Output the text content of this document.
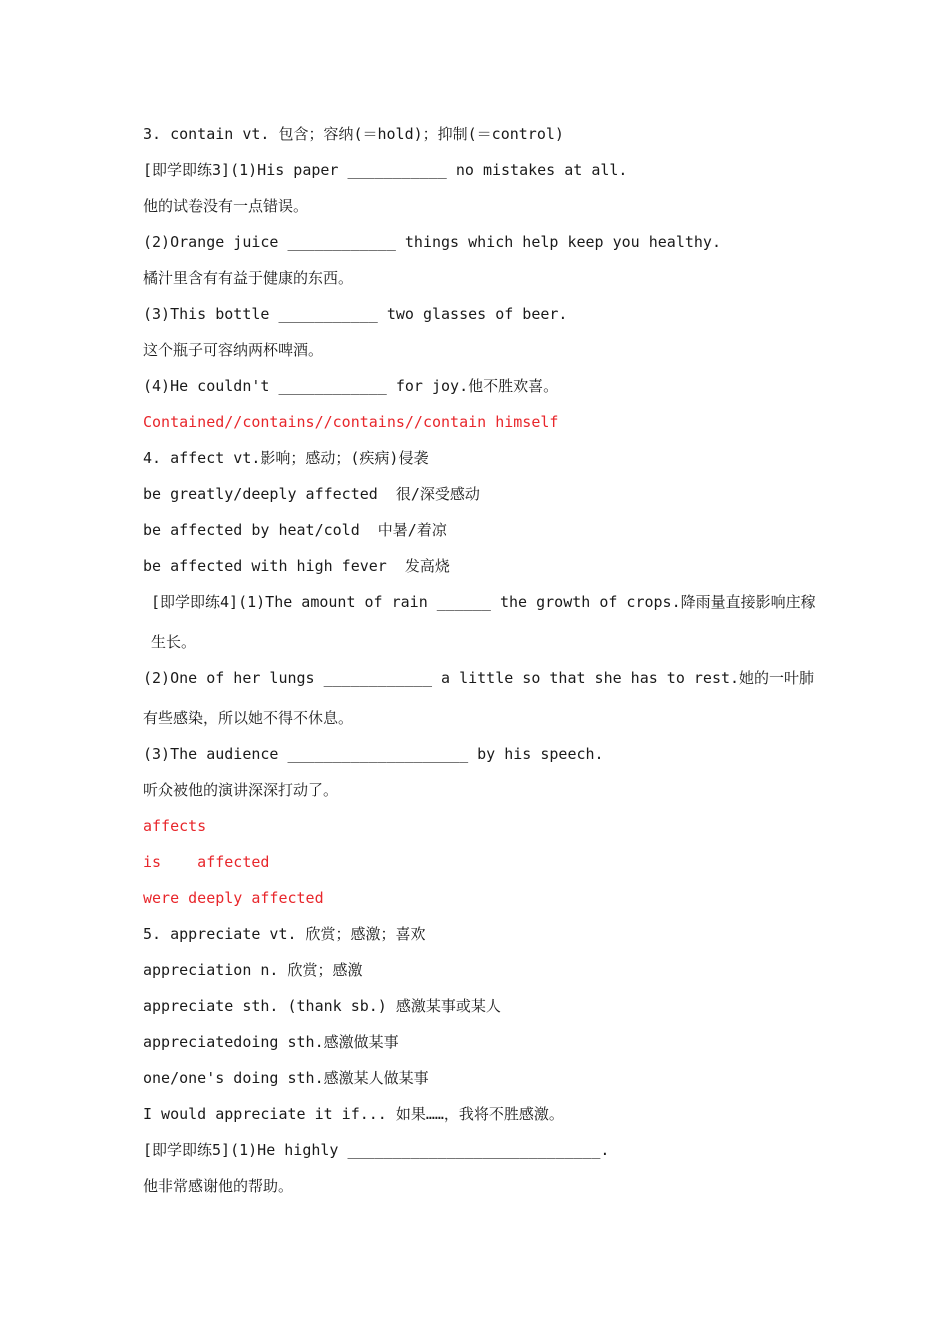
3. contain vt. 包含；容纳(＝hold)；抑制(＝control)
[即学即练3](1)His paper ___________ no mistakes at all.
他的试卷没有一点错误。
(2)Orange juice ____________ things which help keep you healthy.
橘汁里含有有益于健康的东西。
(3)This bottle ___________ two glasses of beer.
这个瓶子可容纳两杯啤酒。
(4)He couldn't ____________ for joy.他不胜欢喜。
Contained//contains//contains//contain himself
4. affect vt.影响；感动；(疾病)侵袭
be greatly/deeply affected  很/深受感动
be affected by heat/cold  中暑/着凉
be affected with high fever  发高烧
[即学即练4](1)The amount of rain ______ the growth of crops.降雨量直接影响庄稼生长。
(2)One of her lungs ____________ a little so that she has to rest.她的一叶肺有些感染，所以她不得不休息。
(3)The audience ____________________ by his speech.
听众被他的演讲深深打动了。
affects
is    affected
were deeply affected
5. appreciate vt. 欣赏；感激；喜欢
appreciation n. 欣赏；感激
appreciate sth. (thank sb.) 感激某事或某人
appreciatedoing sth.感激做某事
one/one's doing sth.感激某人做某事
I would appreciate it if... 如果……，我将不胜感激。
[即学即练5](1)He highly ____________________________.
他非常感谢他的帮助。
